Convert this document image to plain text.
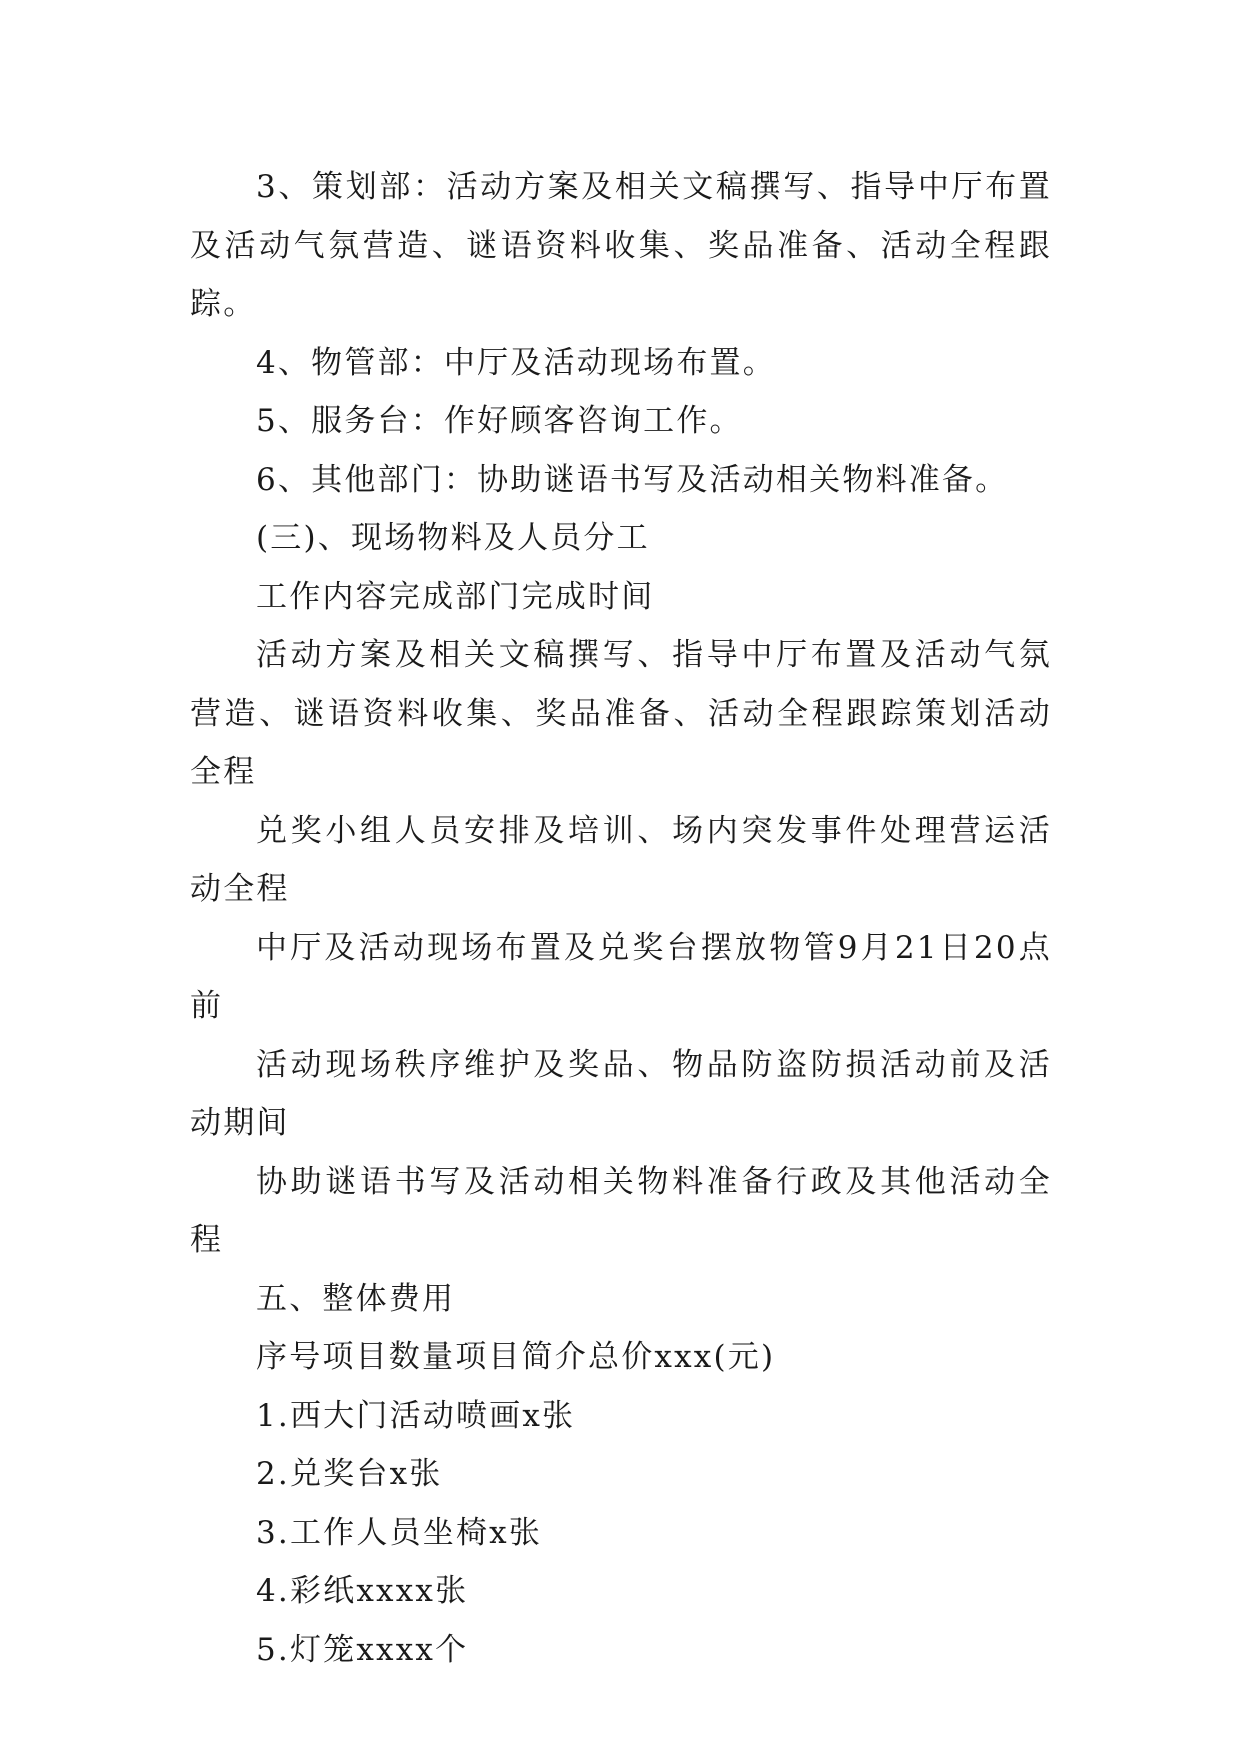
3、策划部：活动方案及相关文稿撰写、指导中厅布置及活动气氛营造、谜语资料收集、奖品准备、活动全程跟踪。

4、物管部：中厅及活动现场布置。

5、服务台：作好顾客咨询工作。

6、其他部门：协助谜语书写及活动相关物料准备。

(三)、现场物料及人员分工

工作内容完成部门完成时间

活动方案及相关文稿撰写、指导中厅布置及活动气氛营造、谜语资料收集、奖品准备、活动全程跟踪策划活动全程

兑奖小组人员安排及培训、场内突发事件处理营运活动全程

中厅及活动现场布置及兑奖台摆放物管9月21日20点前

活动现场秩序维护及奖品、物品防盗防损活动前及活动期间

协助谜语书写及活动相关物料准备行政及其他活动全程

五、整体费用

序号项目数量项目简介总价xxx(元)

1.西大门活动喷画x张

2.兑奖台x张

3.工作人员坐椅x张

4.彩纸xxxx张

5.灯笼xxxx个
